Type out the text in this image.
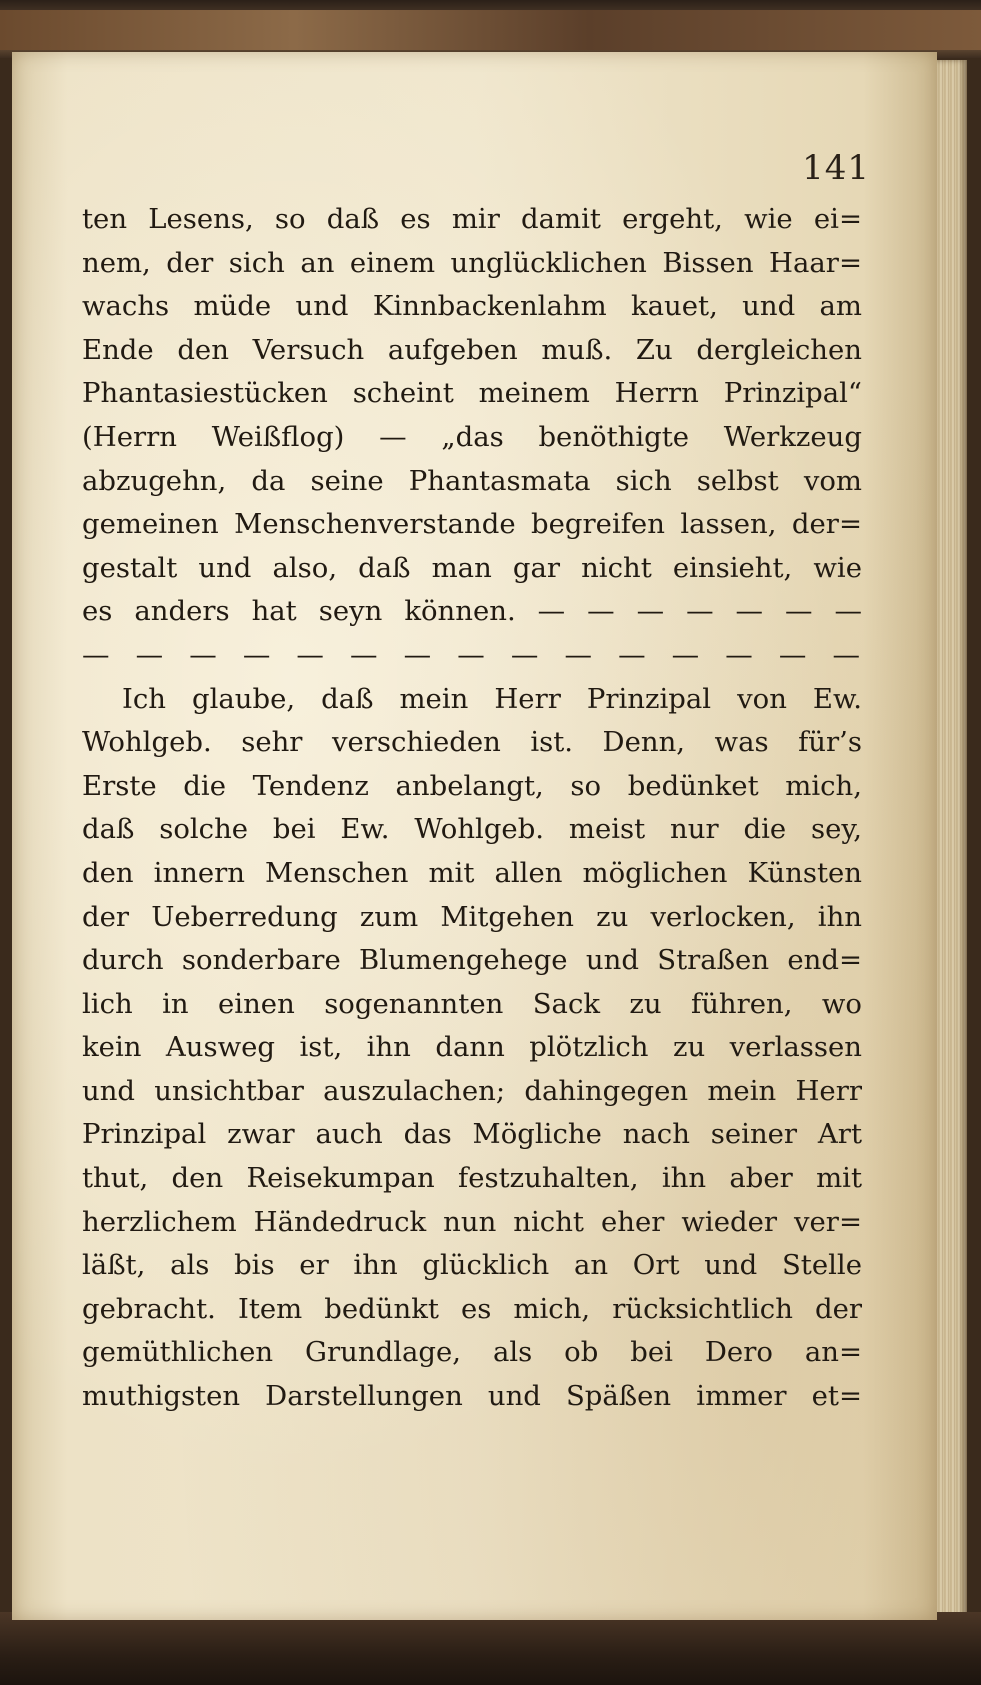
141
ten Lesens, so daß es mir damit ergeht, wie ei=
nem, der sich an einem unglücklichen Bissen Haar=
wachs müde und Kinnbackenlahm kauet, und am
Ende den Versuch aufgeben muß. Zu dergleichen
Phantasiestücken scheint meinem Herrn Prinzipal“
(Herrn Weißflog) — „das benöthigte Werkzeug
abzugehn, da seine Phantasmata sich selbst vom
gemeinen Menschenverstande begreifen lassen, der=
gestalt und also, daß man gar nicht einsieht, wie
es anders hat seyn können. — — — — — — —
— — — — — — — — — — — — — — —
Ich glaube, daß mein Herr Prinzipal von Ew.
Wohlgeb. sehr verschieden ist. Denn, was für’s
Erste die Tendenz anbelangt, so bedünket mich,
daß solche bei Ew. Wohlgeb. meist nur die sey,
den innern Menschen mit allen möglichen Künsten
der Ueberredung zum Mitgehen zu verlocken, ihn
durch sonderbare Blumengehege und Straßen end=
lich in einen sogenannten Sack zu führen, wo
kein Ausweg ist, ihn dann plötzlich zu verlassen
und unsichtbar auszulachen; dahingegen mein Herr
Prinzipal zwar auch das Mögliche nach seiner Art
thut, den Reisekumpan festzuhalten, ihn aber mit
herzlichem Händedruck nun nicht eher wieder ver=
läßt, als bis er ihn glücklich an Ort und Stelle
gebracht. Item bedünkt es mich, rücksichtlich der
gemüthlichen Grundlage, als ob bei Dero an=
muthigsten Darstellungen und Späßen immer et=
